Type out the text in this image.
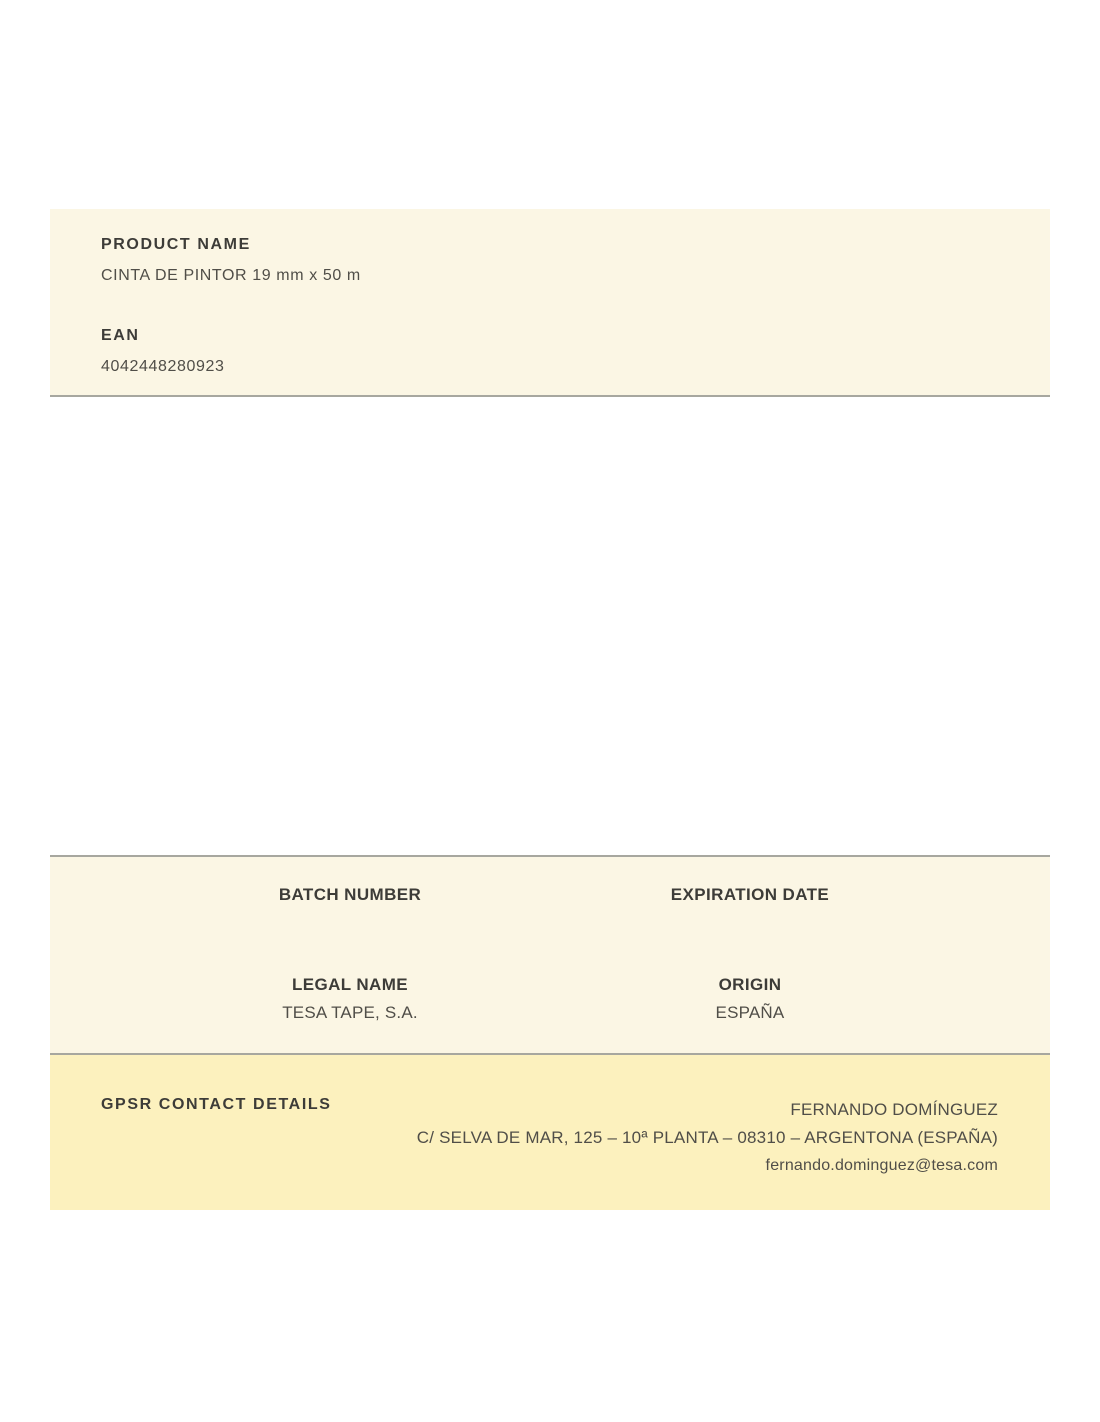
PRODUCT NAME
CINTA DE PINTOR 19 mm x 50 m
EAN
4042448280923
BATCH NUMBER	EXPIRATION DATE
LEGAL NAME	ORIGIN
TESA TAPE, S.A.	ESPAÑA
GPSR CONTACT DETAILS	FERNANDO DOMÍNGUEZ
C/ SELVA DE MAR, 125 – 10ª PLANTA – 08310 – ARGENTONA (ESPAÑA)
fernando.dominguez@tesa.com
